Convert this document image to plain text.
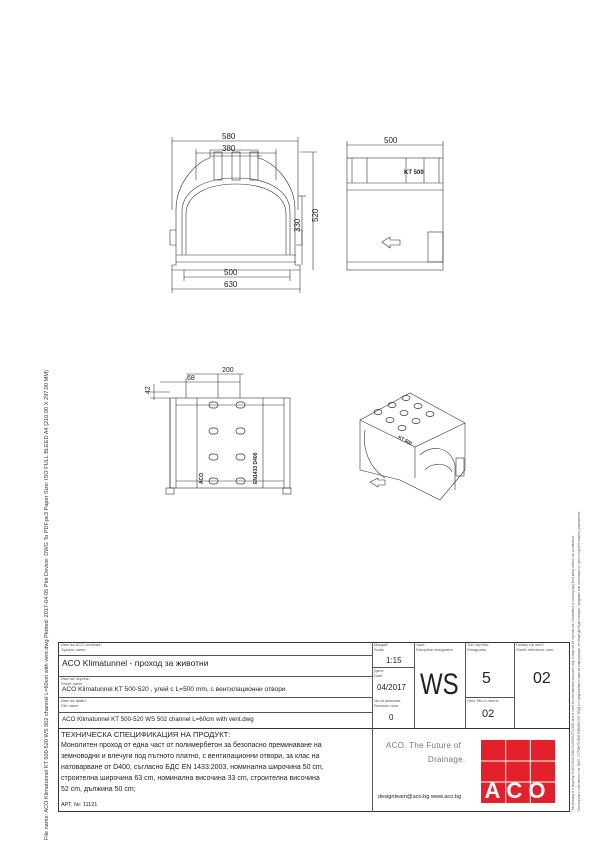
File name: ACO Klimatunnel KT 500-520 WS 502 channel L=60cm with vent.dwg Plotted: 2017-04-05 Plot Device: DWG To PDF.pc3 Paper Size: ISO FULL BLEED A4 (210.00 X 297.00 MM)	This drawing is a property of ACO BUILDING ELEMENTS OOD and is used for informational purposes only. It may not be reproduced, transmitted or used by any third party without our permission. Този чертеж е собственост на "АКО - СТРОИТЕЛНИ ЕЛЕМЕНТИ" ООД и е предназначен само за информация. Не може да бъде копиран, предаван или използван от трети лица без нашето разрешение.
580
380
500
630
330
520
500
KT 500
42
68
200
ACO	ЕN1433 D400
KT 500
Име на ACO система:
System name
ACO Klimatunnel - проход за животни
Име на чертеж:
Sheet name
ACO Klimatunnel KT 500-520 , улей с L=500 mm, с вентилационни отвори
Име на файл:
File name
ACO Klimatunnel KT 500-520 WS 502 channel L=60cm with vent.dwg
Мащаб:
Scale
1:15
Дата:
Date
04/2017
№ на ревизия:
Revision num.
0
Част:
Discipline designator
WS
Тип чертеж:
Designator
5
Лист №:от листа:
02
Номер на лист:
Sheet reference num.
02
ТЕХНИЧЕСКА СПЕЦИФИКАЦИЯ НА ПРОДУКТ:
Монолитен проход от една част от полимербетон за безопасно преминаване на
земноводни и влечуги под пътното платно, с вентилационни отвори, за клас на
натоварване от D400, съгласно БДС EN 1433:2003, номинална широчина 50 cm,
строителна широчина 63 cm, номинална височина 33 cm, строителна височина
52 cm, дължина 50 cm;
АРТ. №: 11121
ACO. The Future of
Drainage.
designteam@aco.bg www.aco.bg ACO
